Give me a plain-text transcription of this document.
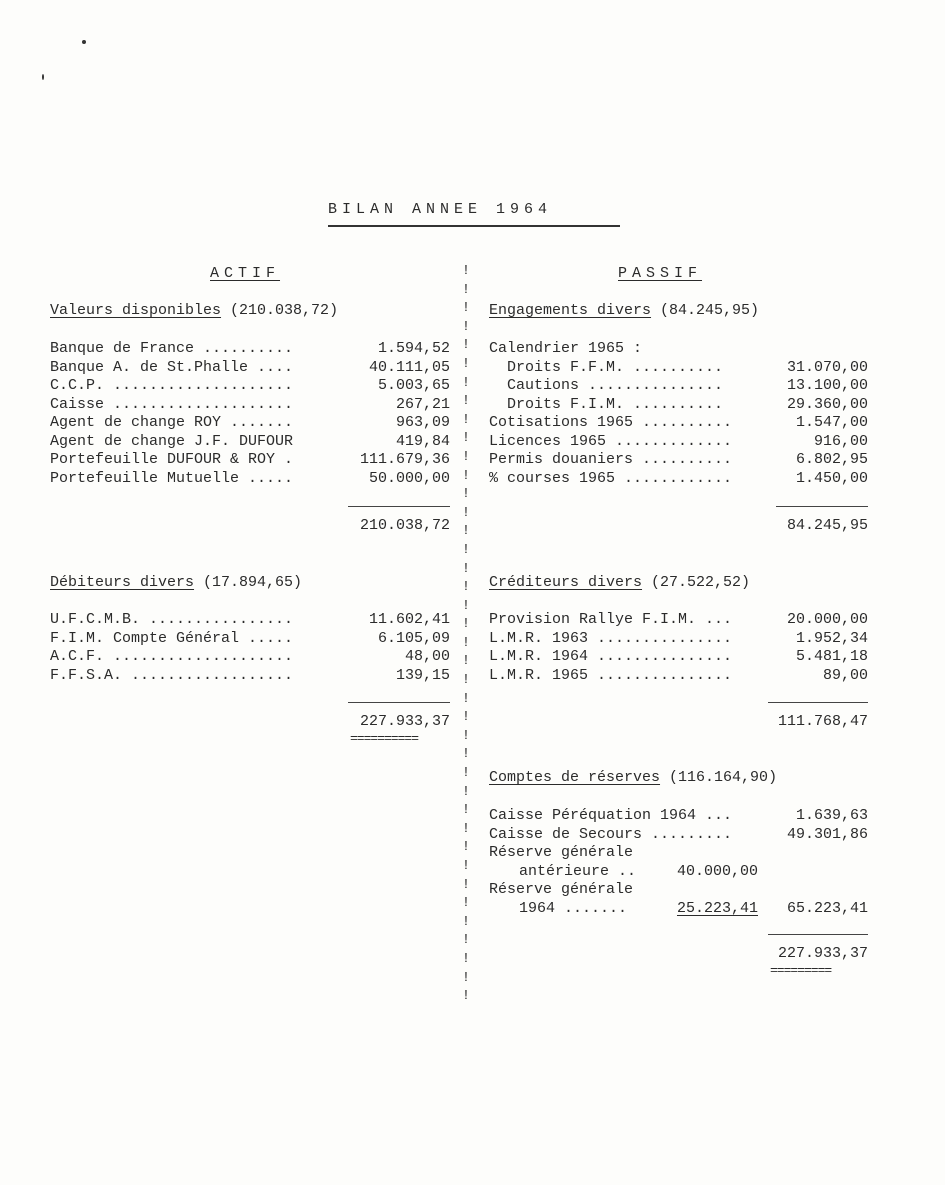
BILAN ANNEE 1964
ACTIF	PASSIF
!
!
!
!
!
!
!
!
!
!
!
!
!
!
!
!
!
!
!
!
!
!
!
!
!
!
!
!
!
!
!
!
!
!
!
!
!
!
!
!
Valeurs disponibles (210.038,72)
Banque de France ..........	1.594,52
Banque A. de St.Phalle ....	40.111,05
C.C.P. ....................	5.003,65
Caisse ....................	267,21
Agent de change ROY .......	963,09
Agent de change J.F. DUFOUR	419,84
Portefeuille DUFOUR & ROY .	111.679,36
Portefeuille Mutuelle .....	50.000,00
210.038,72
Débiteurs divers (17.894,65)
U.F.C.M.B. ................	11.602,41
F.I.M. Compte Général .....	6.105,09
A.C.F. ....................	48,00
F.F.S.A. ..................	139,15
227.933,37
==========
Engagements divers (84.245,95)
Calendrier 1965 :
Droits F.F.M. ..........	31.070,00
Cautions ...............	13.100,00
Droits F.I.M. ..........	29.360,00
Cotisations 1965 ..........	1.547,00
Licences 1965 .............	916,00
Permis douaniers ..........	6.802,95
% courses 1965 ............	1.450,00
84.245,95
Créditeurs divers (27.522,52)
Provision Rallye F.I.M. ...	20.000,00
L.M.R. 1963 ...............	1.952,34
L.M.R. 1964 ...............	5.481,18
L.M.R. 1965 ...............	89,00
111.768,47
Comptes de réserves (116.164,90)
Caisse Péréquation 1964 ...	1.639,63
Caisse de Secours .........	49.301,86
Réserve générale
antérieure ..	40.000,00
Réserve générale
1964 .......	25.223,41	65.223,41
227.933,37
=========
